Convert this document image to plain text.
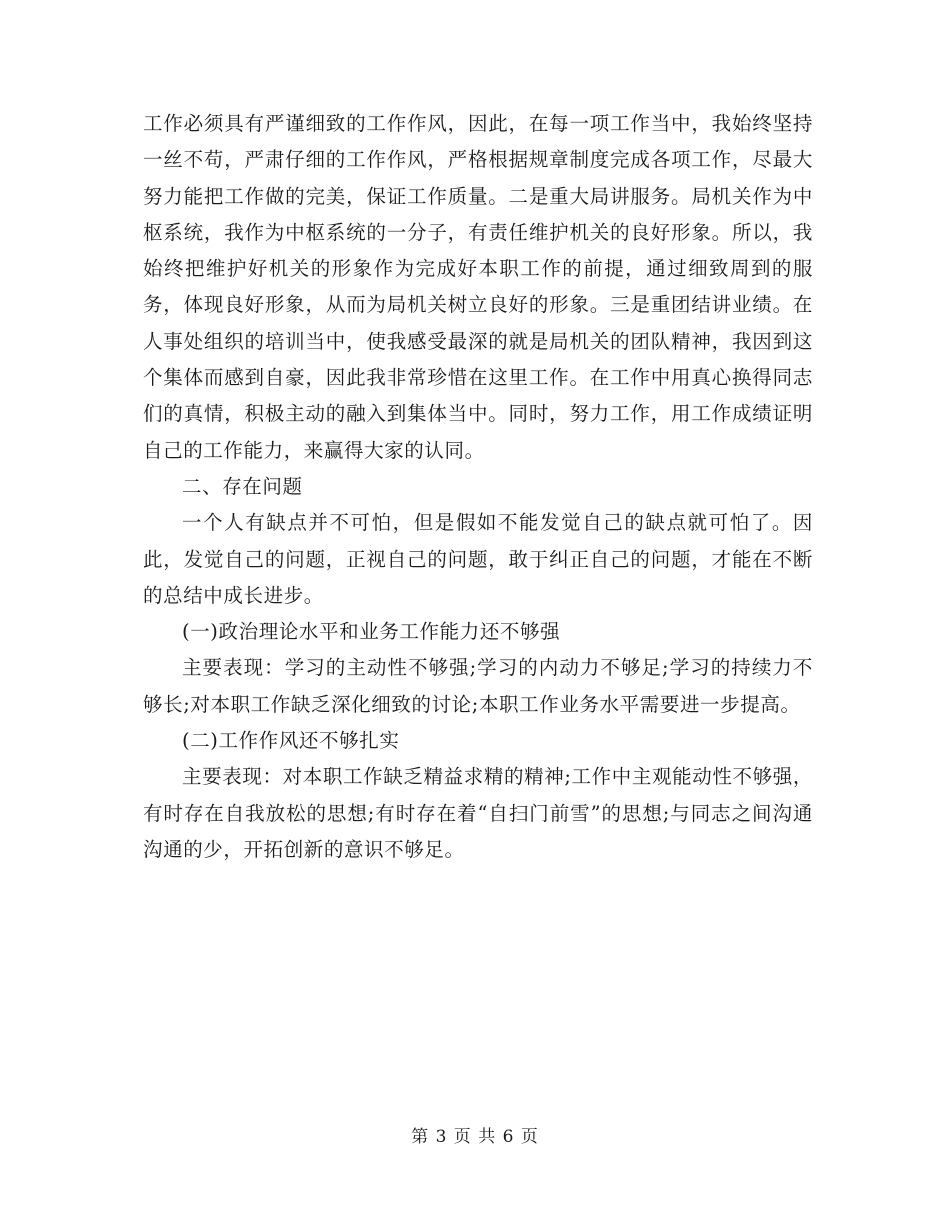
工作必须具有严谨细致的工作作风，因此，在每一项工作当中，我始终坚持一丝不苟，严肃仔细的工作作风，严格根据规章制度完成各项工作，尽最大努力能把工作做的完美，保证工作质量。二是重大局讲服务。局机关作为中枢系统，我作为中枢系统的一分子，有责任维护机关的良好形象。所以，我始终把维护好机关的形象作为完成好本职工作的前提，通过细致周到的服务，体现良好形象，从而为局机关树立良好的形象。三是重团结讲业绩。在人事处组织的培训当中，使我感受最深的就是局机关的团队精神，我因到这个集体而感到自豪，因此我非常珍惜在这里工作。在工作中用真心换得同志们的真情，积极主动的融入到集体当中。同时，努力工作，用工作成绩证明自己的工作能力，来赢得大家的认同。

二、存在问题

一个人有缺点并不可怕，但是假如不能发觉自己的缺点就可怕了。因此，发觉自己的问题，正视自己的问题，敢于纠正自己的问题，才能在不断的总结中成长进步。

(一)政治理论水平和业务工作能力还不够强

主要表现：学习的主动性不够强;学习的内动力不够足;学习的持续力不够长;对本职工作缺乏深化细致的讨论;本职工作业务水平需要进一步提高。

(二)工作作风还不够扎实

主要表现：对本职工作缺乏精益求精的精神;工作中主观能动性不够强，有时存在自我放松的思想;有时存在着“自扫门前雪”的思想;与同志之间沟通沟通的少，开拓创新的意识不够足。

第 3 页 共 6 页
